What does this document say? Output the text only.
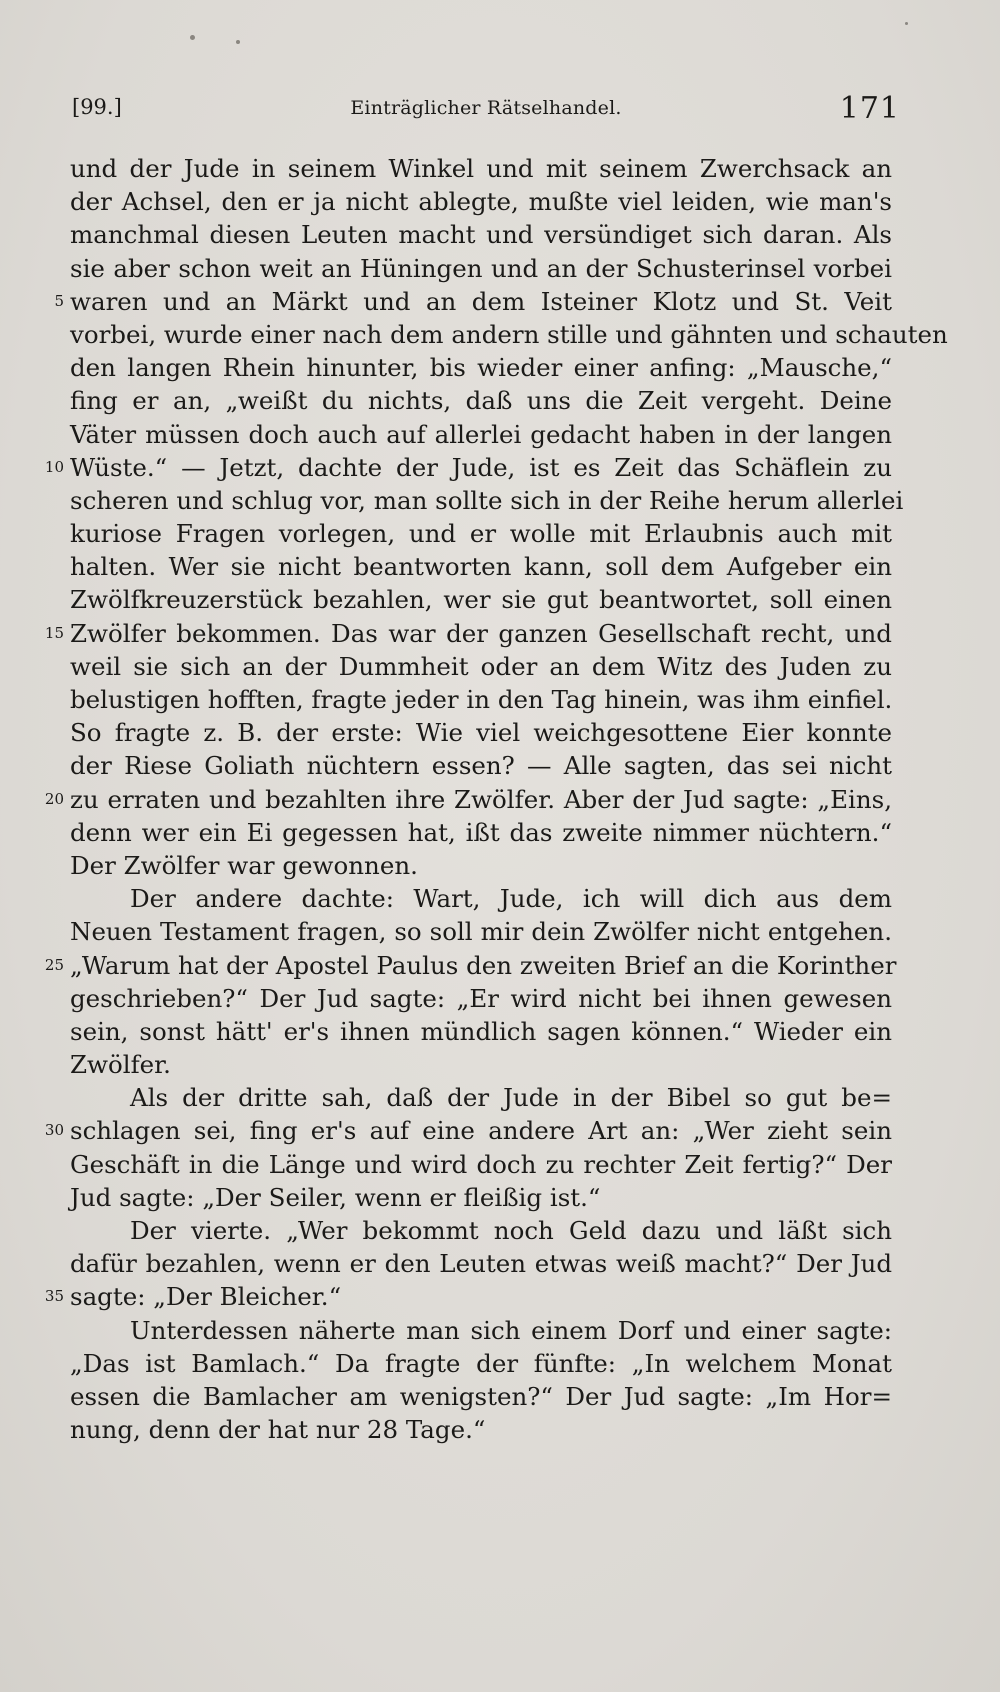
[99.]	Einträglicher Rätselhandel.	171
und der Jude in seinem Winkel und mit seinem Zwerchsack an
der Achsel, den er ja nicht ablegte, mußte viel leiden, wie man's
manchmal diesen Leuten macht und versündiget sich daran. Als
sie aber schon weit an Hüningen und an der Schusterinsel vorbei
5 waren und an Märkt und an dem Isteiner Klotz und St. Veit
vorbei, wurde einer nach dem andern stille und gähnten und schauten
den langen Rhein hinunter, bis wieder einer anfing: „Mausche,“
fing er an, „weißt du nichts, daß uns die Zeit vergeht. Deine
Väter müssen doch auch auf allerlei gedacht haben in der langen
10 Wüste.“ — Jetzt, dachte der Jude, ist es Zeit das Schäflein zu
scheren und schlug vor, man sollte sich in der Reihe herum allerlei
kuriose Fragen vorlegen, und er wolle mit Erlaubnis auch mit
halten. Wer sie nicht beantworten kann, soll dem Aufgeber ein
Zwölfkreuzerstück bezahlen, wer sie gut beantwortet, soll einen
15 Zwölfer bekommen. Das war der ganzen Gesellschaft recht, und
weil sie sich an der Dummheit oder an dem Witz des Juden zu
belustigen hofften, fragte jeder in den Tag hinein, was ihm einfiel.
So fragte z. B. der erste: Wie viel weichgesottene Eier konnte
der Riese Goliath nüchtern essen? — Alle sagten, das sei nicht
20 zu erraten und bezahlten ihre Zwölfer. Aber der Jud sagte: „Eins,
denn wer ein Ei gegessen hat, ißt das zweite nimmer nüchtern.“
Der Zwölfer war gewonnen.
Der andere dachte: Wart, Jude, ich will dich aus dem
Neuen Testament fragen, so soll mir dein Zwölfer nicht entgehen.
25 „Warum hat der Apostel Paulus den zweiten Brief an die Korinther
geschrieben?“ Der Jud sagte: „Er wird nicht bei ihnen gewesen
sein, sonst hätt' er's ihnen mündlich sagen können.“ Wieder ein
Zwölfer.
Als der dritte sah, daß der Jude in der Bibel so gut be=
30 schlagen sei, fing er's auf eine andere Art an: „Wer zieht sein
Geschäft in die Länge und wird doch zu rechter Zeit fertig?“ Der
Jud sagte: „Der Seiler, wenn er fleißig ist.“
Der vierte. „Wer bekommt noch Geld dazu und läßt sich
dafür bezahlen, wenn er den Leuten etwas weiß macht?“ Der Jud
35 sagte: „Der Bleicher.“
Unterdessen näherte man sich einem Dorf und einer sagte:
„Das ist Bamlach.“ Da fragte der fünfte: „In welchem Monat
essen die Bamlacher am wenigsten?“ Der Jud sagte: „Im Hor=
nung, denn der hat nur 28 Tage.“
